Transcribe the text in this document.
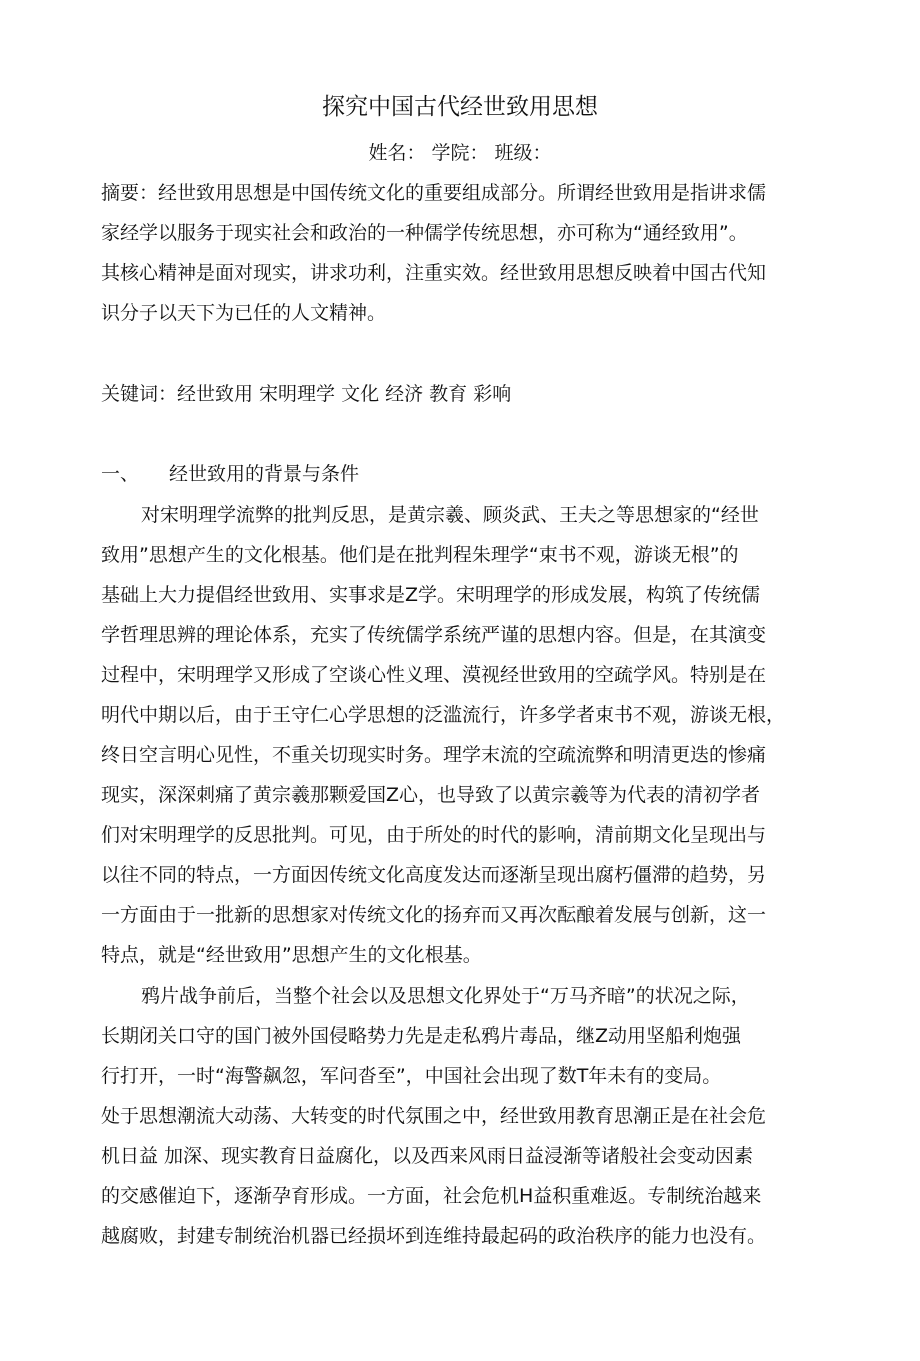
探究中国古代经世致用思想
姓名： 学院： 班级：
摘要：经世致用思想是中国传统文化的重要组成部分。所谓经世致用是指讲求儒
家经学以服务于现实社会和政治的一种儒学传统思想，亦可称为“通经致用”。
其核心精神是面对现实，讲求功利，注重实效。经世致用思想反映着中国古代知
识分子以天下为已任的人文精神。
关键词：经世致用 宋明理学 文化 经济 教育 彩响
一、 经世致用的背景与条件
对宋明理学流弊的批判反思，是黄宗羲、顾炎武、王夫之等思想家的“经世
致用”思想产生的文化根基。他们是在批判程朱理学“束书不观，游谈无根”的
基础上大力提倡经世致用、实事求是Z学。宋明理学的形成发展，构筑了传统儒
学哲理思辨的理论体系，充实了传统儒学系统严谨的思想内容。但是，在其演变
过程中，宋明理学又形成了空谈心性义理、漠视经世致用的空疏学风。特别是在
明代中期以后，由于王守仁心学思想的泛滥流行，许多学者束书不观，游谈无根，
终日空言明心见性，不重关切现实时务。理学末流的空疏流弊和明清更迭的惨痛
现实，深深刺痛了黄宗羲那颗爱国Z心，也导致了以黄宗羲等为代表的清初学者
们对宋明理学的反思批判。可见，由于所处的时代的影响，清前期文化呈现出与
以往不同的特点，一方面因传统文化高度发达而逐渐呈现出腐朽僵滞的趋势，另
一方面由于一批新的思想家对传统文化的扬弃而又再次酝酿着发展与创新，这一
特点，就是“经世致用”思想产生的文化根基。
鸦片战争前后，当整个社会以及思想文化界处于“万马齐暗”的状况之际，
长期闭关口守的国门被外国侵略势力先是走私鸦片毒品，继Z动用坚船利炮强
行打开，一时“海警飙忽，军问沓至”，中国社会出现了数T年未有的变局。
处于思想潮流大动荡、大转变的时代氛围之中，经世致用教育思潮正是在社会危
机日益 加深、现实教育日益腐化，以及西来风雨日益浸渐等诸般社会变动因素
的交感催迫下，逐渐孕育形成。一方面，社会危机H益积重难返。专制统治越来
越腐败，封建专制统治机器已经损坏到连维持最起码的政治秩序的能力也没有。
